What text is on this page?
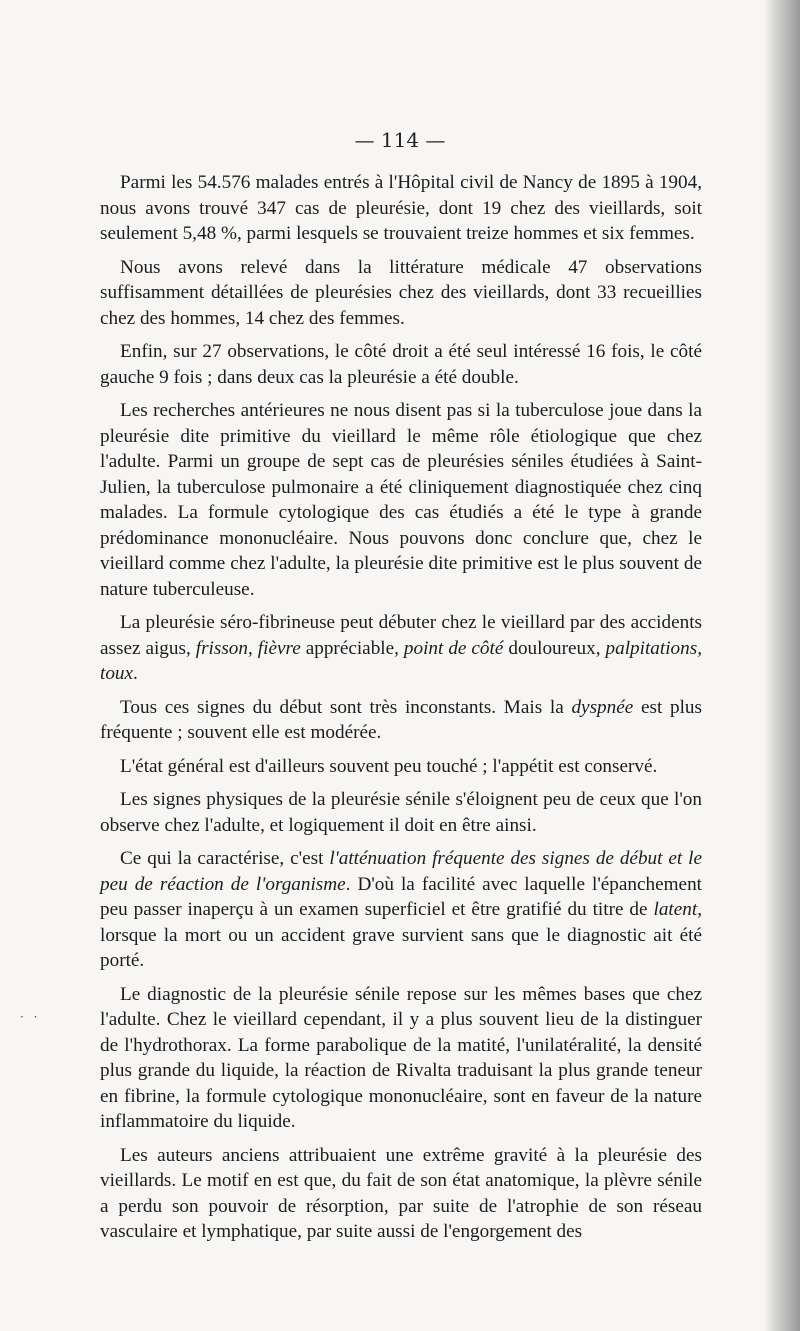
· ·
— 114 —

Parmi les 54.576 malades entrés à l'Hôpital civil de Nancy de 1895 à 1904, nous avons trouvé 347 cas de pleurésie, dont 19 chez des vieillards, soit seulement 5,48 %, parmi lesquels se trouvaient treize hommes et six femmes.

Nous avons relevé dans la littérature médicale 47 observations suffisamment détaillées de pleurésies chez des vieillards, dont 33 recueillies chez des hommes, 14 chez des femmes.

Enfin, sur 27 observations, le côté droit a été seul intéressé 16 fois, le côté gauche 9 fois ; dans deux cas la pleurésie a été double.

Les recherches antérieures ne nous disent pas si la tuberculose joue dans la pleurésie dite primitive du vieillard le même rôle étiologique que chez l'adulte. Parmi un groupe de sept cas de pleurésies séniles étudiées à Saint-Julien, la tuberculose pulmonaire a été cliniquement diagnostiquée chez cinq malades. La formule cytologique des cas étudiés a été le type à grande prédominance mononucléaire. Nous pouvons donc conclure que, chez le vieillard comme chez l'adulte, la pleurésie dite primitive est le plus souvent de nature tuberculeuse.

La pleurésie séro-fibrineuse peut débuter chez le vieillard par des accidents assez aigus, frisson, fièvre appréciable, point de côté douloureux, palpitations, toux.

Tous ces signes du début sont très inconstants. Mais la dyspnée est plus fréquente ; souvent elle est modérée.

L'état général est d'ailleurs souvent peu touché ; l'appétit est conservé.

Les signes physiques de la pleurésie sénile s'éloignent peu de ceux que l'on observe chez l'adulte, et logiquement il doit en être ainsi.

Ce qui la caractérise, c'est l'atténuation fréquente des signes de début et le peu de réaction de l'organisme. D'où la facilité avec laquelle l'épanchement peu passer inaperçu à un examen superficiel et être gratifié du titre de latent, lorsque la mort ou un accident grave survient sans que le diagnostic ait été porté.

Le diagnostic de la pleurésie sénile repose sur les mêmes bases que chez l'adulte. Chez le vieillard cependant, il y a plus souvent lieu de la distinguer de l'hydrothorax. La forme parabolique de la matité, l'unilatéralité, la densité plus grande du liquide, la réaction de Rivalta traduisant la plus grande teneur en fibrine, la formule cytologique mononucléaire, sont en faveur de la nature inflammatoire du liquide.

Les auteurs anciens attribuaient une extrême gravité à la pleurésie des vieillards. Le motif en est que, du fait de son état anatomique, la plèvre sénile a perdu son pouvoir de résorption, par suite de l'atrophie de son réseau vasculaire et lymphatique, par suite aussi de l'engorgement des
